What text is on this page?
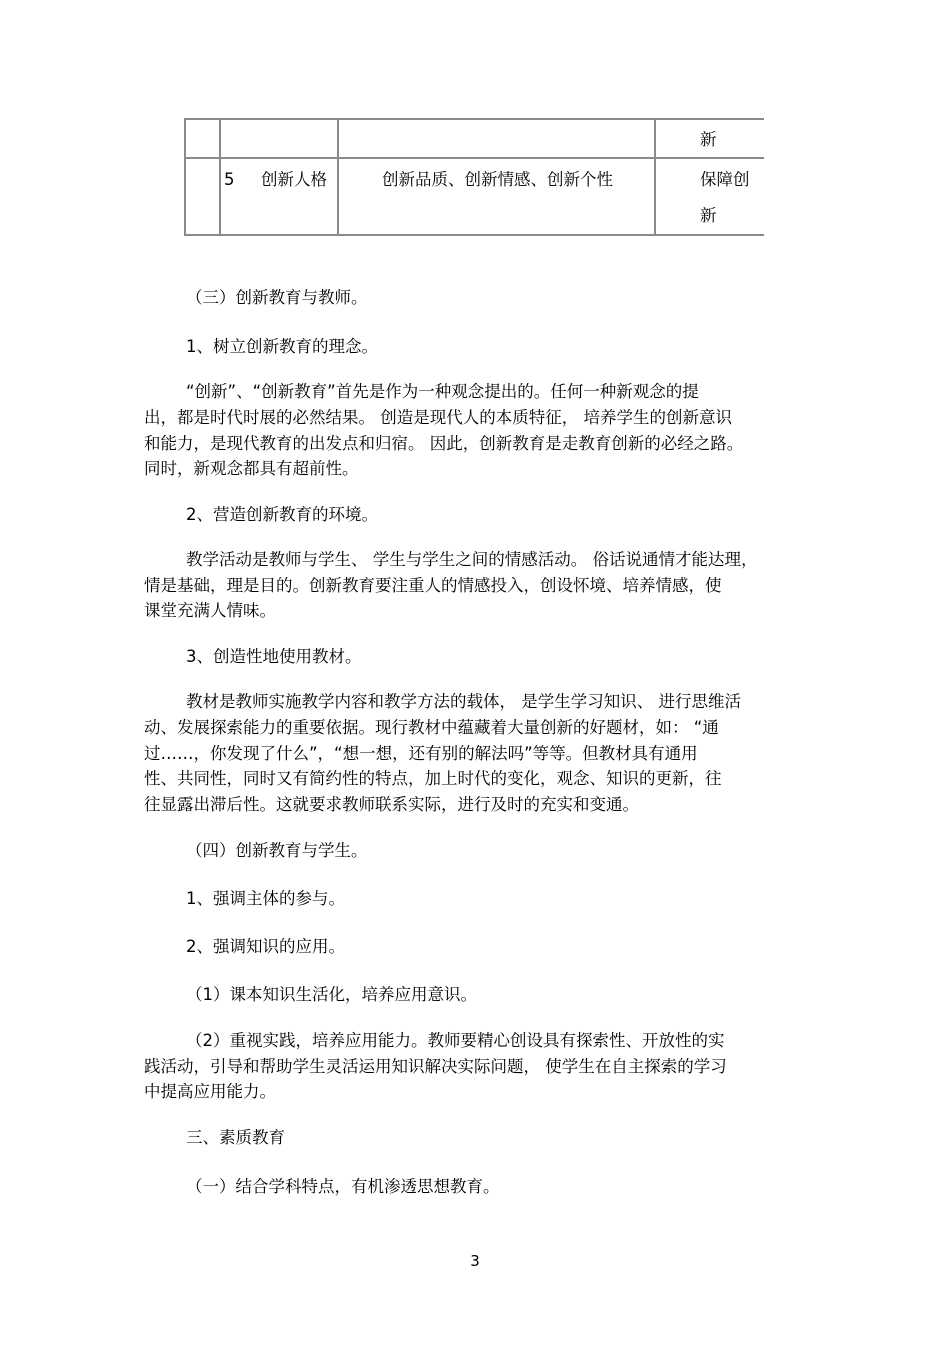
新
5 创新人格	创新品质、创新情感、创新个性	保障创
新
（三）创新教育与教师。
1、树立创新教育的理念。
“创新”、“创新教育”首先是作为一种观念提出的。任何一种新观念的提
出，都是时代时展的必然结果。 创造是现代人的本质特征， 培养学生的创新意识
和能力，是现代教育的出发点和归宿。 因此，创新教育是走教育创新的必经之路。
同时，新观念都具有超前性。
2、营造创新教育的环境。
教学活动是教师与学生、 学生与学生之间的情感活动。 俗话说通情才能达理，
情是基础，理是目的。创新教育要注重人的情感投入，创设怀境、培养情感，使
课堂充满人情味。
3、创造性地使用教材。
教材是教师实施教学内容和教学方法的载体， 是学生学习知识、 进行思维活
动、发展探索能力的重要依据。现行教材中蕴藏着大量创新的好题材，如： “通
过……，你发现了什么”，“想一想，还有别的解法吗”等等。但教材具有通用
性、共同性，同时又有简约性的特点，加上时代的变化，观念、知识的更新，往
往显露出滞后性。这就要求教师联系实际，进行及时的充实和变通。
（四）创新教育与学生。
1、强调主体的参与。
2、强调知识的应用。
（1）课本知识生活化，培养应用意识。
（2）重视实践，培养应用能力。教师要精心创设具有探索性、开放性的实
践活动，引导和帮助学生灵活运用知识解决实际问题， 使学生在自主探索的学习
中提高应用能力。
三、素质教育
（一）结合学科特点，有机渗透思想教育。
3
